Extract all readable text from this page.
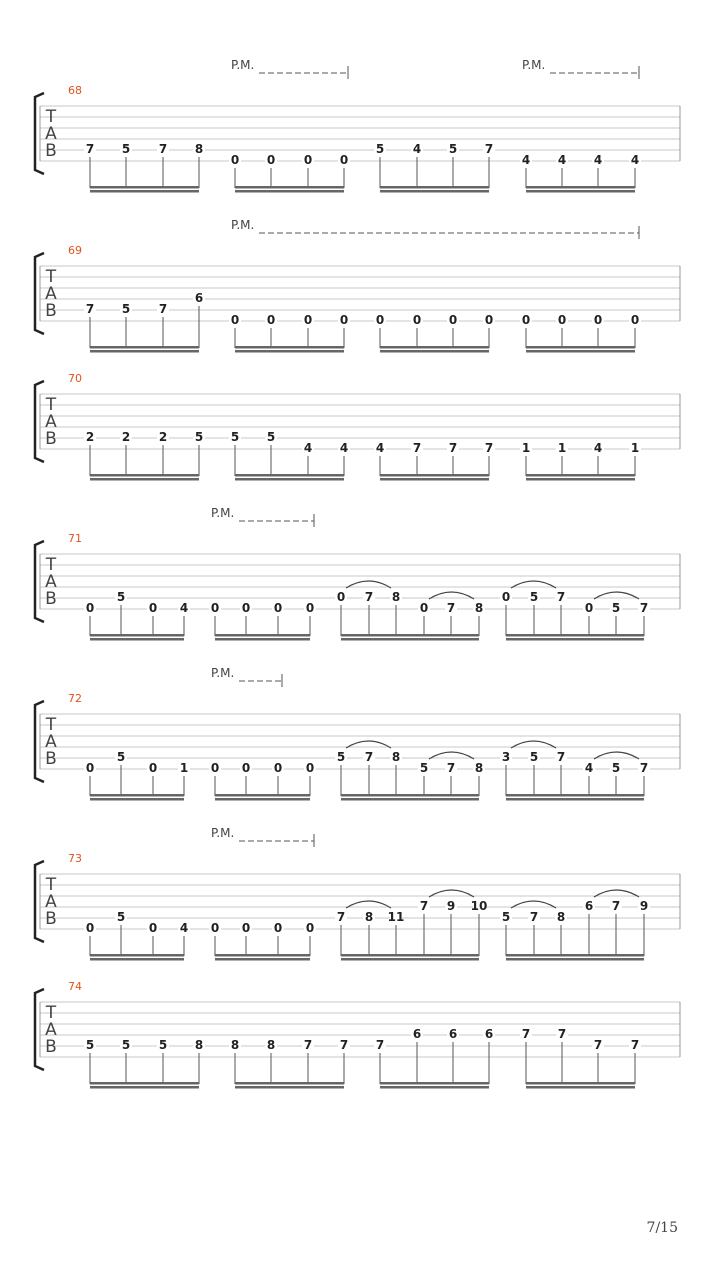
T
A
B
68
P.M.	P.M.
7 5 7 8
0 0 0 0
5 4 5 7
4 4 4 4
T
A
B
69
P.M.
7 5 7
6
0 0 0 0 0 0 0 0 0 0 0 0
T
A
B
70
2 2 2 5 5 5
4 4 4 7 7 7 1 1 4 1
T
A
B
71
P.M.
0
5
0 4 0 0 0 0
0 7 8
0 7 8
0 5 7
0 5 7
T
A
B
72
P.M.
0
5
0 1 0 0 0 0
5 7 8
5 7 8
3 5 7
4 5 7
T
A
B
73
P.M.
0
5
0 4 0 0 0 0
7 8 11
7 9 10
5 7 8
6 7 9
T
A
B
74
5 5 5 8 8 8 7 7 7
6 6 6 7 7
7 7
7/15
